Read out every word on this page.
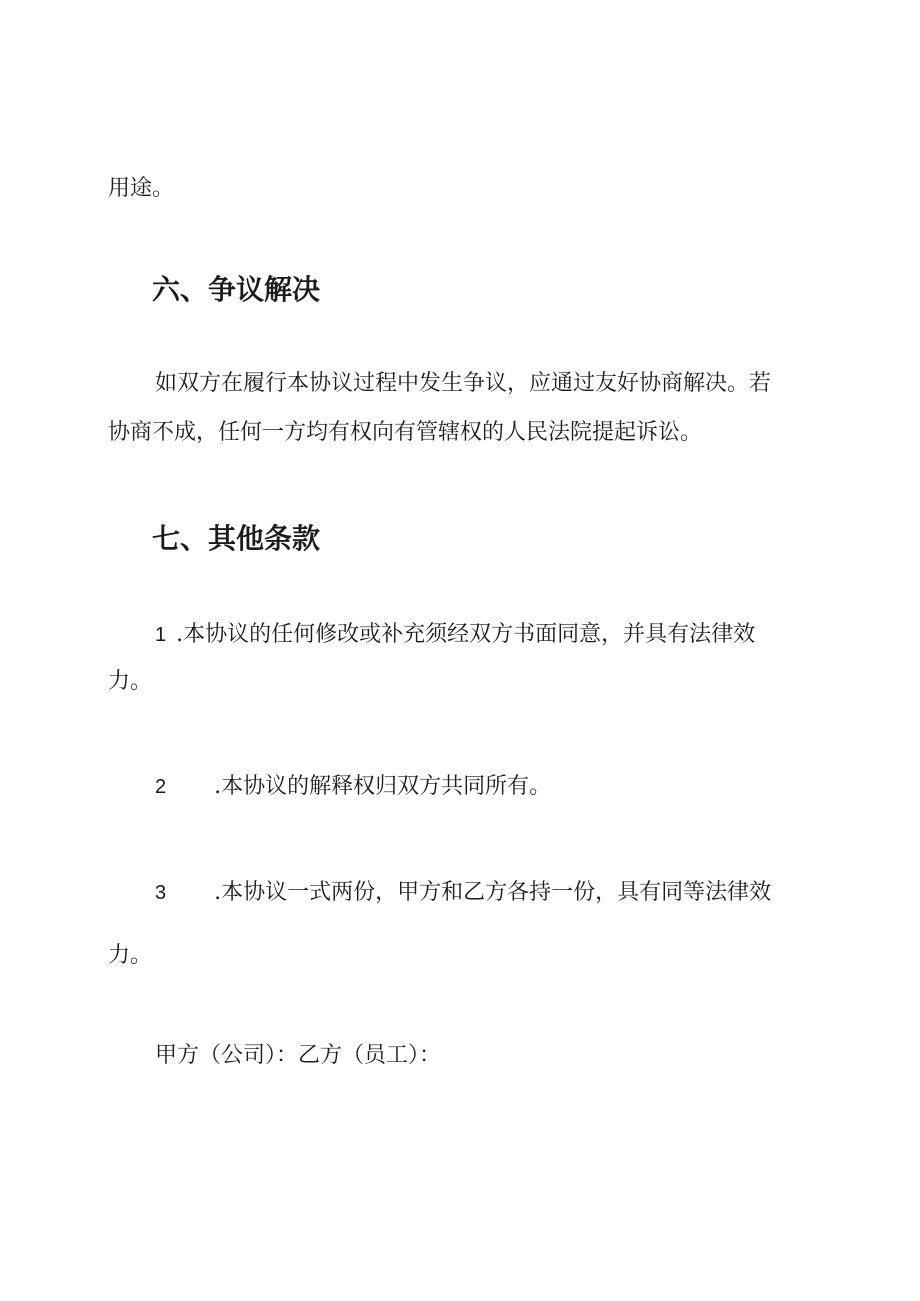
用途。

六、争议解决

如双方在履行本协议过程中发生争议，应通过友好协商解决。若

协商不成，任何一方均有权向有管辖权的人民法院提起诉讼。

七、其他条款

1 .本协议的任何修改或补充须经双方书面同意，并具有法律效

力。

2 .本协议的解释权归双方共同所有。

3 .本协议一式两份，甲方和乙方各持一份，具有同等法律效

力。

甲方（公司）：乙方（员工）：
